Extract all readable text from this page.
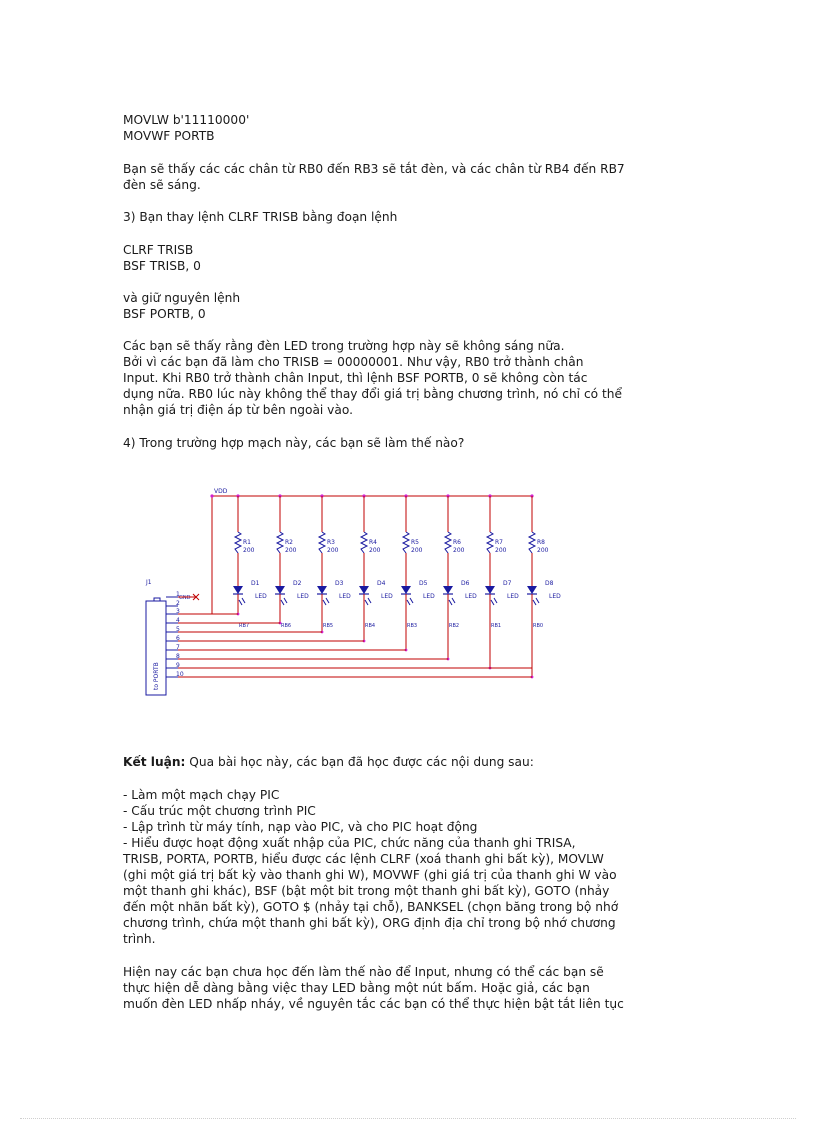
MOVLW b'11110000'
MOVWF PORTB
Bạn sẽ thấy các các chân từ RB0 đến RB3 sẽ tắt đèn, và các chân từ RB4 đến RB7
đèn sẽ sáng.
3) Bạn thay lệnh CLRF TRISB bằng đoạn lệnh
CLRF TRISB
BSF TRISB, 0
và giữ nguyên lệnh
BSF PORTB, 0
Các bạn sẽ thấy rằng đèn LED trong trường hợp này sẽ không sáng nữa.
Bởi vì các bạn đã làm cho TRISB = 00000001. Như vậy, RB0 trở thành chân
Input. Khi RB0 trở thành chân Input, thì lệnh BSF PORTB, 0 sẽ không còn tác
dụng nữa. RB0 lúc này không thể thay đổi giá trị bằng chương trình, nó chỉ có thể
nhận giá trị điện áp từ bên ngoài vào.
4) Trong trường hợp mạch này, các bạn sẽ làm thế nào?
VDD
J1
to PORTB
GND
1
2
3
4
5
6
7
8
9
10
R1
200
D1
LED
RB7
R2
200
D2
LED
RB6
R3
200
D3
LED
RB5
R4
200
D4
LED
RB4
R5
200
D5
LED
RB3
R6
200
D6
LED
RB2
R7
200
D7
LED
RB1
R8
200
D8
LED
RB0
Kết luận: Qua bài học này, các bạn đã học được các nội dung sau:
- Làm một mạch chạy PIC
- Cấu trúc một chương trình PIC
- Lập trình từ máy tính, nạp vào PIC, và cho PIC hoạt động
- Hiểu được hoạt động xuất nhập của PIC, chức năng của thanh ghi TRISA,
TRISB, PORTA, PORTB, hiểu được các lệnh CLRF (xoá thanh ghi bất kỳ), MOVLW
(ghi một giá trị bất kỳ vào thanh ghi W), MOVWF (ghi giá trị của thanh ghi W vào
một thanh ghi khác), BSF (bật một bit trong một thanh ghi bất kỳ), GOTO (nhảy
đến một nhãn bất kỳ), GOTO $ (nhảy tại chỗ), BANKSEL (chọn băng trong bộ nhớ
chương trình, chứa một thanh ghi bất kỳ), ORG định địa chỉ trong bộ nhớ chương
trình.
Hiện nay các bạn chưa học đến làm thế nào để Input, nhưng có thể các bạn sẽ
thực hiện dễ dàng bằng việc thay LED bằng một nút bấm. Hoặc giả, các bạn
muốn đèn LED nhấp nháy, về nguyên tắc các bạn có thể thực hiện bật tắt liên tục
